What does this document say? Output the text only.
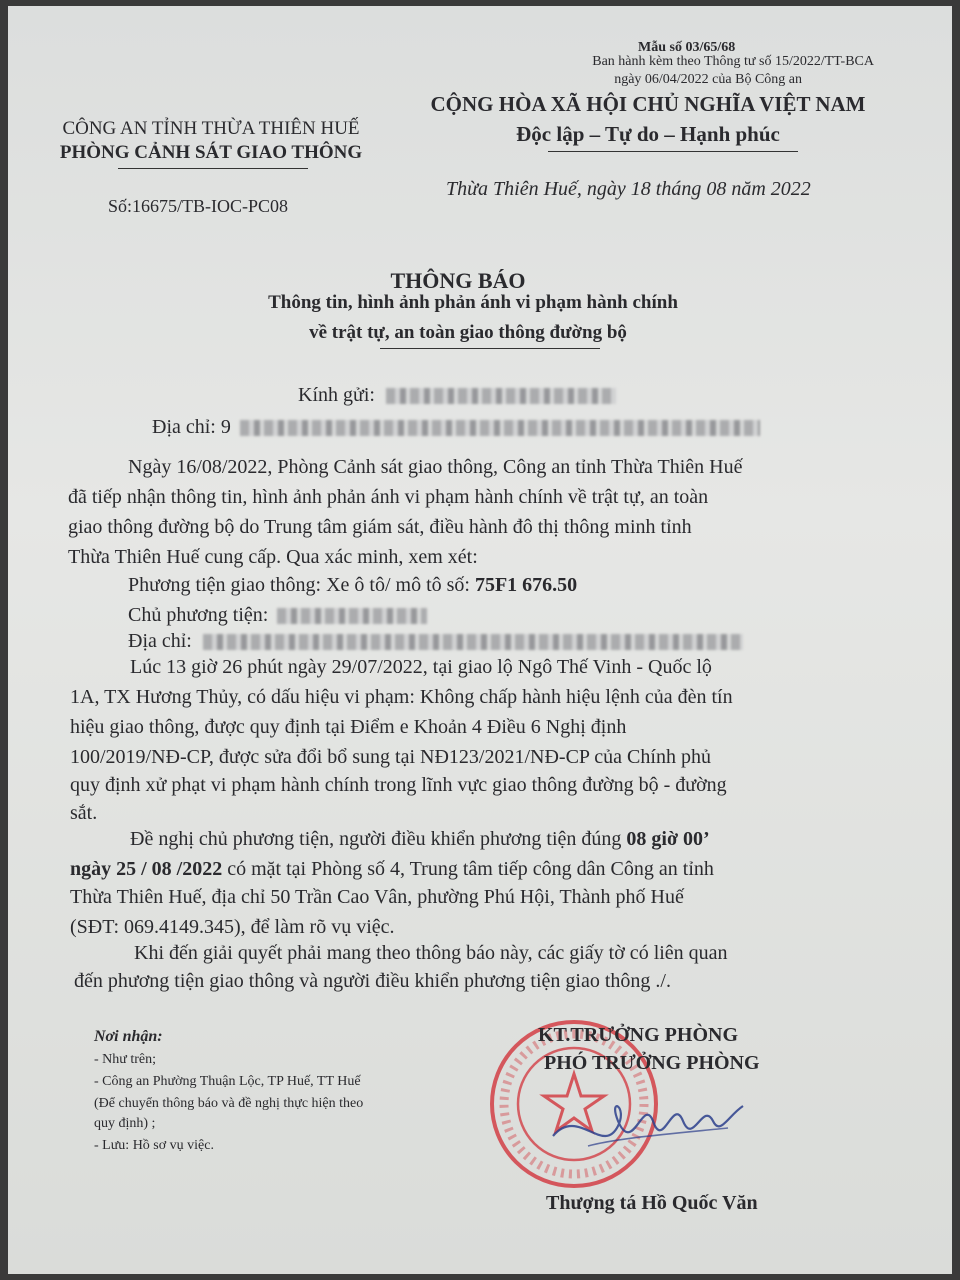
Mẫu số 03/65/68
Ban hành kèm theo Thông tư số 15/2022/TT-BCA
ngày 06/04/2022 của Bộ Công an
CÔNG AN TỈNH THỪA THIÊN HUẾ
PHÒNG CẢNH SÁT GIAO THÔNG
CỘNG HÒA XÃ HỘI CHỦ NGHĨA VIỆT NAM
Độc lập – Tự do – Hạnh phúc
Số:16675/TB-IOC-PC08
Thừa Thiên Huế, ngày 18 tháng 08 năm 2022
THÔNG BÁO
Thông tin, hình ảnh phản ánh vi phạm hành chính
về trật tự, an toàn giao thông đường bộ
Kính gửi:
Địa chỉ: 9
Ngày 16/08/2022, Phòng Cảnh sát giao thông, Công an tỉnh Thừa Thiên Huế
đã tiếp nhận thông tin, hình ảnh phản ánh vi phạm hành chính về trật tự, an toàn
giao thông đường bộ do Trung tâm giám sát, điều hành đô thị thông minh tỉnh
Thừa Thiên Huế cung cấp. Qua xác minh, xem xét:
Phương tiện giao thông: Xe ô tô/ mô tô số: 75F1 676.50
Chủ phương tiện:
Địa chỉ:
Lúc 13 giờ 26 phút ngày 29/07/2022, tại giao lộ Ngô Thế Vinh - Quốc lộ
1A, TX Hương Thủy, có dấu hiệu vi phạm: Không chấp hành hiệu lệnh của đèn tín
hiệu giao thông, được quy định tại Điểm e Khoản 4 Điều 6 Nghị định
100/2019/NĐ-CP, được sửa đổi bổ sung tại NĐ123/2021/NĐ-CP của Chính phủ
quy định xử phạt vi phạm hành chính trong lĩnh vực giao thông đường bộ - đường
sắt.
Đề nghị chủ phương tiện, người điều khiển phương tiện đúng 08 giờ 00’
ngày 25 / 08 /2022 có mặt tại Phòng số 4, Trung tâm tiếp công dân Công an tỉnh
Thừa Thiên Huế, địa chỉ 50 Trần Cao Vân, phường Phú Hội, Thành phố Huế
(SĐT: 069.4149.345), để làm rõ vụ việc.
Khi đến giải quyết phải mang theo thông báo này, các giấy tờ có liên quan
đến phương tiện giao thông và người điều khiển phương tiện giao thông ./.
Nơi nhận:
- Như trên;
- Công an Phường Thuận Lộc, TP Huế, TT Huế
(Để chuyển thông báo và đề nghị thực hiện theo
quy định) ;
- Lưu: Hồ sơ vụ việc.
KT.TRƯỞNG PHÒNG
PHÓ TRƯỞNG PHÒNG
Thượng tá Hồ Quốc Văn
